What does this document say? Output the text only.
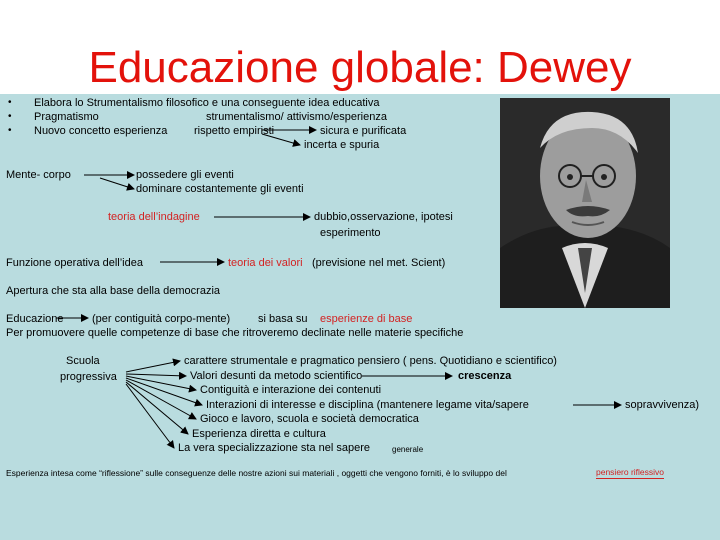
Educazione globale: Dewey
•
•
•
Elabora lo Strumentalismo filosofico e una conseguente idea educativa
Pragmatismo
Nuovo concetto esperienza
strumentalismo/ attivismo/esperienza
rispetto empiristi	sicura e purificata
incerta e spuria
Mente- corpo	possedere gli eventi
dominare costantemente gli eventi
teoria dell’indagine	dubbio,osservazione, ipotesi
esperimento
Funzione operativa dell’idea	teoria dei valori (previsione nel met. Scient)
Apertura che sta alla base della democrazia
Educazione	(per contiguità corpo-mente)	si basa su esperienze di base
Per promuovere quelle competenze di base che ritroveremo declinate nelle materie specifiche
Scuola
progressiva
carattere strumentale e pragmatico pensiero ( pens. Quotidiano e scientifico)
Valori desunti da metodo scientifico	crescenza
Contiguità e interazione dei contenuti
Interazioni di interesse e disciplina (mantenere legame vita/sapere	sopravvivenza)
Gioco e lavoro, scuola e società democratica
Esperienza diretta e cultura
La vera specializzazione sta nel sapere	generale
Esperienza intesa come “riflessione” sulle conseguenze delle nostre azioni sui materiali , oggetti che vengono forniti, è lo sviluppo del	pensiero riflessivo
